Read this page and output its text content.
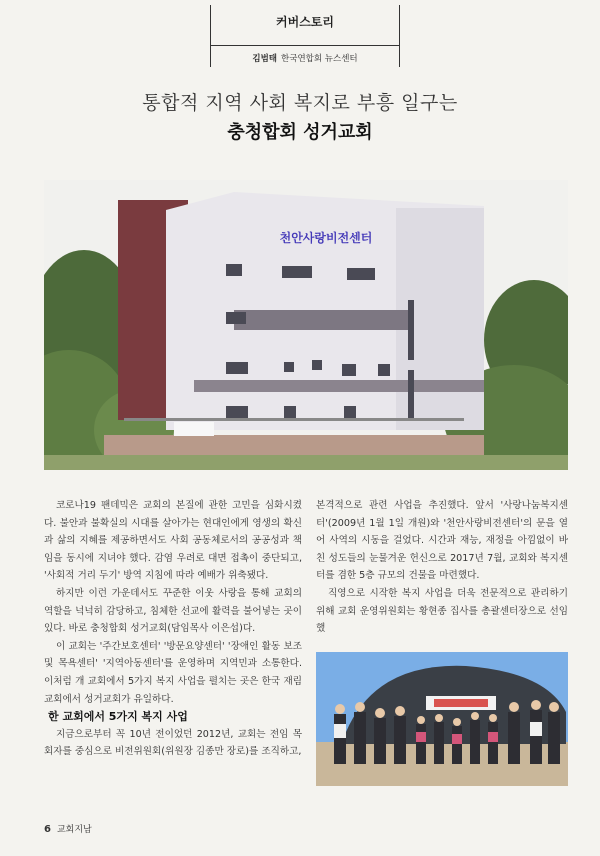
커버스토리
김범태 한국연합회 뉴스센터
통합적 지역 사회 복지로 부흥 일구는
충청합회 성거교회
천안사랑비전센터

코로나19 팬데믹은 교회의 본질에 관한 고민을 심화시켰다. 불안과 불확실의 시대를 살아가는 현대인에게 영생의 확신과 삶의 지혜를 제공하면서도 사회 공동체로서의 공공성과 책임을 동시에 지녀야 했다. 감염 우려로 대면 접촉이 중단되고, '사회적 거리 두기' 방역 지침에 따라 예배가 위축됐다.

하지만 이런 가운데서도 꾸준한 이웃 사랑을 통해 교회의 역할을 넉넉히 감당하고, 침체한 선교에 활력을 불어넣는 곳이 있다. 바로 충청합회 성거교회(담임목사 이은섭)다.

이 교회는 '주간보호센터' '방문요양센터' '장애인 활동 보조 및 목욕센터' '지역아동센터'를 운영하며 지역민과 소통한다. 이처럼 개 교회에서 5가지 복지 사업을 펼치는 곳은 한국 재림교회에서 성거교회가 유일하다.

한 교회에서 5가지 복지 사업

지금으로부터 꼭 10년 전이었던 2012년, 교회는 전임 목회자를 중심으로 비전위원회(위원장 김종만 장로)를 조직하고,

본격적으로 관련 사업을 추진했다. 앞서 '사랑나눔복지센터'(2009년 1월 1일 개원)와 '천안사랑비전센터'의 문을 열어 사역의 시동을 걸었다. 시간과 재능, 재정을 아낌없이 바친 성도들의 눈물겨운 헌신으로 2017년 7월, 교회와 복지센터를 겸한 5층 규모의 건물을 마련했다.

직영으로 시작한 복지 사업을 더욱 전문적으로 관리하기 위해 교회 운영위원회는 황현종 집사를 총괄센터장으로 선임했

6 교회지남
